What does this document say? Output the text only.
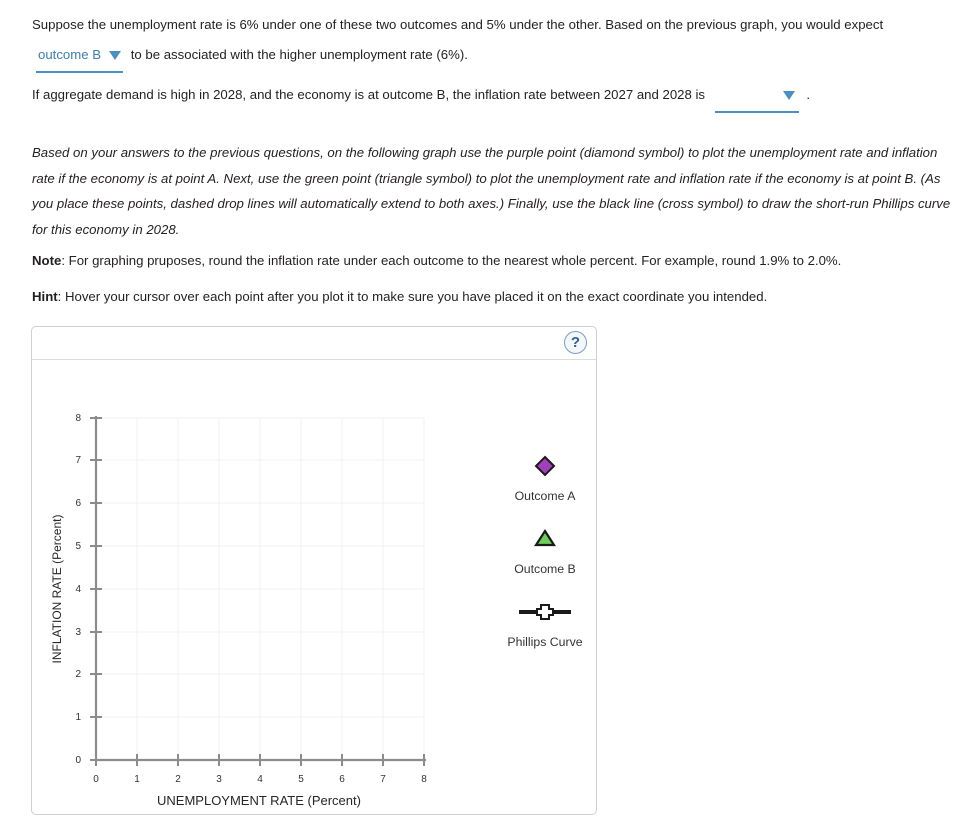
Suppose the unemployment rate is 6% under one of these two outcomes and 5% under the other. Based on the previous graph, you would expect outcome B to be associated with the higher unemployment rate (6%).
If aggregate demand is high in 2028, and the economy is at outcome B, the inflation rate between 2027 and 2028 is	.
Based on your answers to the previous questions, on the following graph use the purple point (diamond symbol) to plot the unemployment rate and inflation rate if the economy is at point A. Next, use the green point (triangle symbol) to plot the unemployment rate and inflation rate if the economy is at point B. (As you place these points, dashed drop lines will automatically extend to both axes.) Finally, use the black line (cross symbol) to draw the short-run Phillips curve for this economy in 2028.
Note: For graphing pruposes, round the inflation rate under each outcome to the nearest whole percent. For example, round 1.9% to 2.0%.
Hint: Hover your cursor over each point after you plot it to make sure you have placed it on the exact coordinate you intended.
?
8
7
6
5
4
3
2
1
0
0	1	2	3	4	5	6	7	8
UNEMPLOYMENT RATE (Percent)
INFLATION RATE (Percent)
Outcome A
Outcome B
Phillips Curve
